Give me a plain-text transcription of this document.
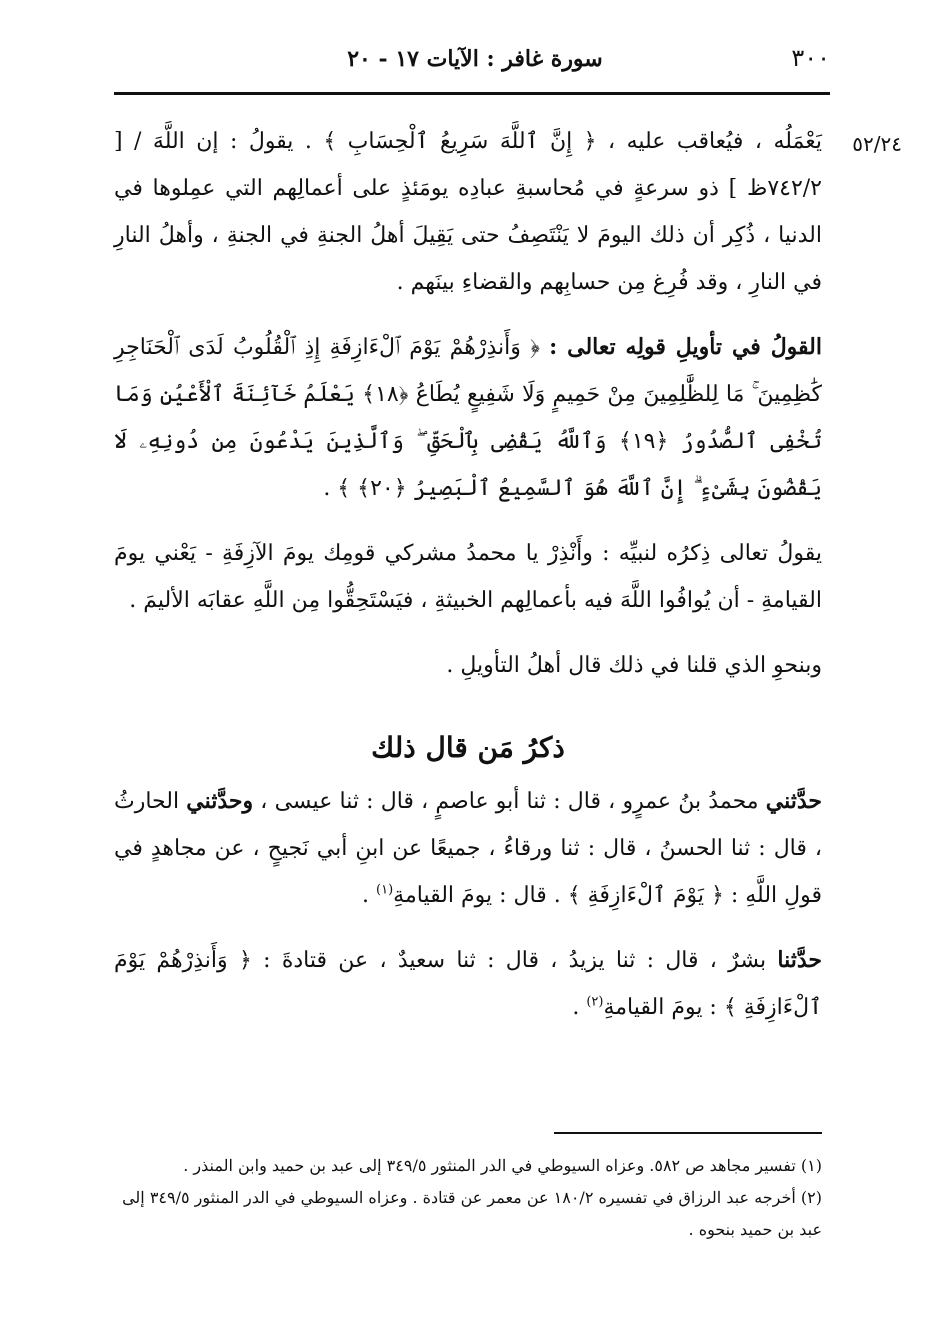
٣٠٠
سورة غافر : الآيات ١٧ - ٢٠
٥٢/٢٤

يَعْمَلُه ، فيُعاقب عليه ، ﴿ إِنَّ ٱللَّهَ سَرِيعُ ٱلْحِسَابِ ﴾ . يقولُ : إن اللَّهَ / [ ٧٤٢/٢ظ ] ذو سرعةٍ في مُحاسبةِ عبادِه يومَئذٍ على أعمالِهم التي عمِلوها في الدنيا ، ذُكِر أن ذلك اليومَ لا يَنْتَصِفُ حتى يَقِيلَ أهلُ الجنةِ في الجنةِ ، وأهلُ النارِ في النارِ ، وقد فُرِغ مِن حسابِهم والقضاءِ بينَهم .

القولُ في تأويلِ قولِه تعالى : ﴿ وَأَنذِرْهُمْ يَوْمَ ٱلْءَازِفَةِ إِذِ ٱلْقُلُوبُ لَدَى ٱلْحَنَاجِرِ كَٰظِمِينَ ۚ مَا لِلظَّٰلِمِينَ مِنْ حَمِيمٍ وَلَا شَفِيعٍ يُطَاعُ ﴿١٨﴾ يَعْلَمُ خَآئِنَةَ ٱلْأَعْيُنِ وَمَا تُخْفِى ٱلصُّدُورُ ﴿١٩﴾ وَٱللَّهُ يَقْضِى بِٱلْحَقِّ ۖ وَٱلَّذِينَ يَدْعُونَ مِن دُونِهِۦ لَا يَقْضُونَ بِشَىْءٍ ۗ إِنَّ ٱللَّهَ هُوَ ٱلسَّمِيعُ ٱلْبَصِيرُ ﴿٢٠﴾ ﴾ .

يقولُ تعالى ذِكرُه لنبيِّه : وأَنْذِرْ يا محمدُ مشركي قومِك يومَ الآزِفَةِ - يَعْني يومَ القيامةِ - أن يُوافُوا اللَّهَ فيه بأعمالِهم الخبيثةِ ، فيَسْتَحِقُّوا مِن اللَّهِ عقابَه الأليمَ .

وبنحوِ الذي قلنا في ذلك قال أهلُ التأويلِ .

ذكرُ مَن قال ذلك

حدَّثني محمدُ بنُ عمرٍو ، قال : ثنا أبو عاصمٍ ، قال : ثنا عيسى ، وحدَّثني الحارثُ ، قال : ثنا الحسنُ ، قال : ثنا ورقاءُ ، جميعًا عن ابنِ أبي نَجيحٍ ، عن مجاهدٍ في قولِ اللَّهِ : ﴿ يَوْمَ ٱلْءَازِفَةِ ﴾ . قال : يومَ القيامةِ$^{(١)}$ .

حدَّثنا بشرٌ ، قال : ثنا يزيدُ ، قال : ثنا سعيدٌ ، عن قتادةَ : ﴿ وَأَنذِرْهُمْ يَوْمَ ٱلْءَازِفَةِ ﴾ : يومَ القيامةِ$^{(٢)}$ .

(١) تفسير مجاهد ص ٥٨٢. وعزاه السيوطي في الدر المنثور ٣٤٩/٥ إلى عبد بن حميد وابن المنذر .

(٢) أخرجه عبد الرزاق في تفسيره ١٨٠/٢ عن معمر عن قتادة . وعزاه السيوطي في الدر المنثور ٣٤٩/٥ إلى عبد بن حميد بنحوه .
